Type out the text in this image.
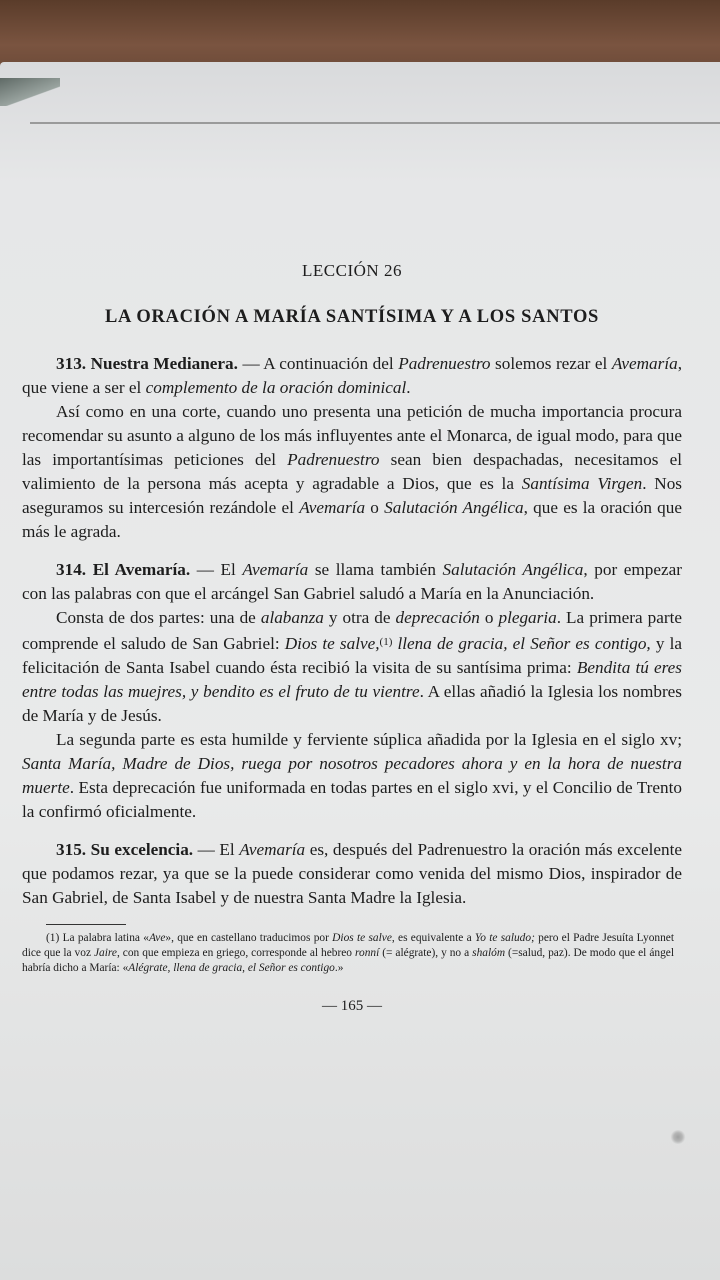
LECCIÓN 26
LA ORACIÓN A MARÍA SANTÍSIMA Y A LOS SANTOS

313. Nuestra Medianera. — A continuación del Padrenuestro solemos rezar el Avemaría, que viene a ser el complemento de la oración dominical.

Así como en una corte, cuando uno presenta una petición de mucha importancia procura recomendar su asunto a alguno de los más influyentes ante el Monarca, de igual modo, para que las importantísimas peticiones del Padrenuestro sean bien despachadas, necesitamos el valimiento de la persona más acepta y agradable a Dios, que es la Santísima Virgen. Nos aseguramos su intercesión rezándole el Avemaría o Salutación Angélica, que es la oración que más le agrada.

314. El Avemaría. — El Avemaría se llama también Salutación Angélica, por empezar con las palabras con que el arcángel San Gabriel saludó a María en la Anunciación.

Consta de dos partes: una de alabanza y otra de deprecación o plegaria. La primera parte comprende el saludo de San Gabriel: Dios te salve,$^{(1)}$ llena de gracia, el Señor es contigo, y la felicitación de Santa Isabel cuando ésta recibió la visita de su santísima prima: Bendita tú eres entre todas las muejres, y bendito es el fruto de tu vientre. A ellas añadió la Iglesia los nombres de María y de Jesús.

La segunda parte es esta humilde y ferviente súplica añadida por la Iglesia en el siglo xv; Santa María, Madre de Dios, ruega por nosotros pecadores ahora y en la hora de nuestra muerte. Esta deprecación fue uniformada en todas partes en el siglo xvi, y el Concilio de Trento la confirmó oficialmente.

315. Su excelencia. — El Avemaría es, después del Padrenuestro la oración más excelente que podamos rezar, ya que se la puede considerar como venida del mismo Dios, inspirador de San Gabriel, de Santa Isabel y de nuestra Santa Madre la Iglesia.

(1) La palabra latina «Ave», que en castellano traducimos por Dios te salve, es equivalente a Yo te saludo; pero el Padre Jesuíta Lyonnet dice que la voz Jaire, con que empieza en griego, corresponde al hebreo ronní (= alégrate), y no a shalóm (=salud, paz). De modo que el ángel habría dicho a María: «Alégrate, llena de gracia, el Señor es contigo.»

— 165 —
